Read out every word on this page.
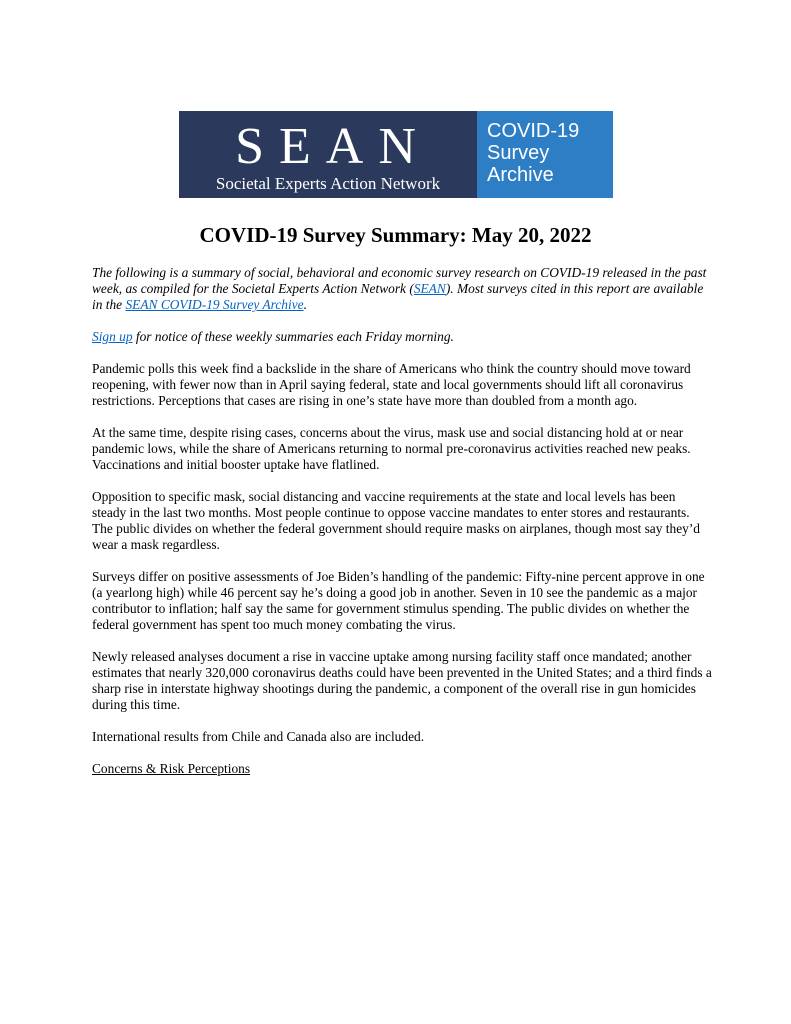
SEAN
Societal Experts Action Network
COVID-19
Survey
Archive
COVID-19 Survey Summary: May 20, 2022

The following is a summary of social, behavioral and economic survey research on COVID-19 released in the past week, as compiled for the Societal Experts Action Network (SEAN). Most surveys cited in this report are available in the SEAN COVID-19 Survey Archive.

Sign up for notice of these weekly summaries each Friday morning.

Pandemic polls this week find a backslide in the share of Americans who think the country should move toward reopening, with fewer now than in April saying federal, state and local governments should lift all coronavirus restrictions. Perceptions that cases are rising in one’s state have more than doubled from a month ago.

At the same time, despite rising cases, concerns about the virus, mask use and social distancing hold at or near pandemic lows, while the share of Americans returning to normal pre-coronavirus activities reached new peaks. Vaccinations and initial booster uptake have flatlined.

Opposition to specific mask, social distancing and vaccine requirements at the state and local levels has been steady in the last two months. Most people continue to oppose vaccine mandates to enter stores and restaurants. The public divides on whether the federal government should require masks on airplanes, though most say they’d wear a mask regardless.

Surveys differ on positive assessments of Joe Biden’s handling of the pandemic: Fifty-nine percent approve in one (a yearlong high) while 46 percent say he’s doing a good job in another. Seven in 10 see the pandemic as a major contributor to inflation; half say the same for government stimulus spending. The public divides on whether the federal government has spent too much money combating the virus.

Newly released analyses document a rise in vaccine uptake among nursing facility staff once mandated; another estimates that nearly 320,000 coronavirus deaths could have been prevented in the United States; and a third finds a sharp rise in interstate highway shootings during the pandemic, a component of the overall rise in gun homicides during this time.

International results from Chile and Canada also are included.

Concerns & Risk Perceptions
